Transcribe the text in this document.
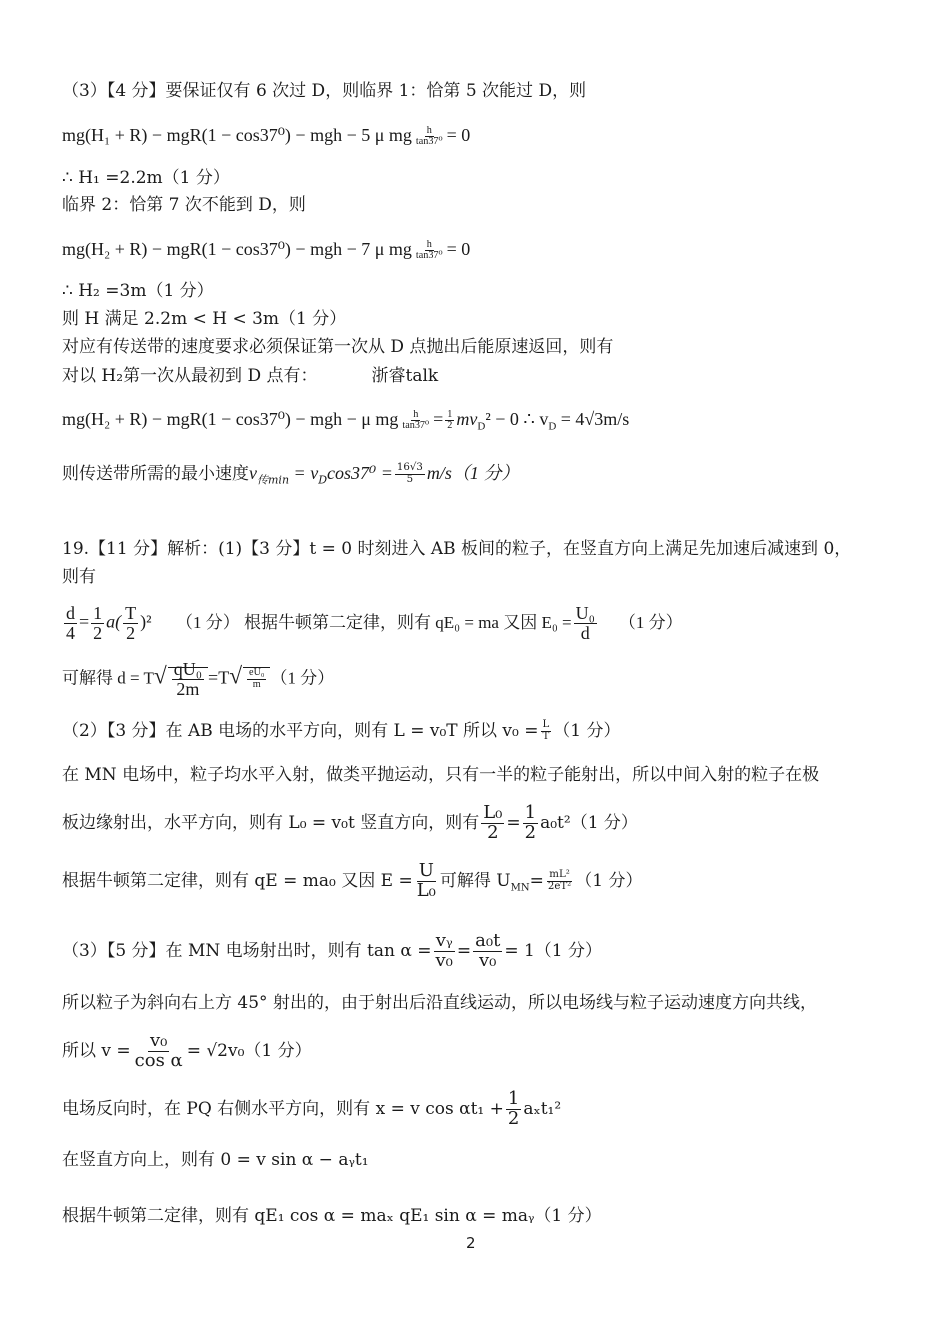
（3）【4 分】要保证仅有 6 次过 D，则临界 1：恰第 5 次能过 D，则
mg(H₁ + R) − mgR(1 − cos37⁰) − mgh − 5 μ mg $\frac{h}{\text{tan37⁰}} = 0$
∴ H₁ =2.2m（1 分）
临界 2：恰第 7 次不能到 D，则
mg(H₂ + R) − mgR(1 − cos37⁰) − mgh − 7 μ mg $\frac{h}{\text{tan37⁰}} = 0$
∴ H₂ =3m（1 分）
则 H 满足 2.2m < H < 3m（1 分）
对应有传送带的速度要求必须保证第一次从 D 点抛出后能原速返回，则有
对以 H₂第一次从最初到 D 点有：	浙睿talk
mg(H₂ + R) − mgR(1 − cos37⁰) − mgh − μ mg $\frac{h}{\text{tan37⁰}} = \frac{1}{2} mv_D^2 - 0$ ∴ $v_D = 4√3m/s$
则传送带所需的最小速度$v_{传min} = v_D\cos 37^0 = \frac{16√3}{5} m/s(1$ 分）
19.【11 分】解析：(1)【3 分】t = 0 时刻进入 AB 板间的粒子，在竖直方向上满足先加速后减速到 0，
则有
$\frac{d}{4} = \frac{1}{2} a( \frac{T}{2} )^2$ （1 分） 根据牛顿第二定律，则有 qE₀ = ma 又因 $E_0 = \frac{\text{U₀}}{d} (1$ 分）
可解得 $d = T√ \frac{\text{qU₀}}{2m} =T√ \frac{\text{eU₀}}{m} (1$ 分）
（2）【3 分】在 AB 电场的水平方向，则有 L = v₀T 所以 $v_0 = \frac{L}{T} (1$ 分）
在 MN 电场中，粒子均水平入射，做类平抛运动，只有一半的粒子能射出，所以中间入射的粒子在极
板边缘射出，水平方向，则有 L₀ = v₀t 竖直方向，则有 $\frac{\text{L₀}}{2} = \frac{1}{2} a_0t^2(1$ 分）
根据牛顿第二定律，则有 qE = ma₀ 又因 $E = \frac{U}{\text{L₀}}$ 可解得 $U_{MN}= \frac{\text{mL²}}{\text{2eT²}} (1$ 分）
（3）【5 分】在 MN 电场射出时，则有 $\tan \alpha = \frac{\text{vᵧ}}{\text{v₀}} = \frac{\text{a₀t}}{\text{v₀}} = 1(1$ 分）
所以粒子为斜向右上方 45° 射出的，由于射出后沿直线运动，所以电场线与粒子运动速度方向共线，
所以 $v = \frac{\text{v₀}}{\text{cos α}} = √2v_0(1$ 分）
电场反向时，在 PQ 右侧水平方向，则有 x = v $\cos \alpha t_1 + \frac{1}{2} a_xt_1^2$
在竖直方向上，则有 0 = v sin α − aᵧt₁
根据牛顿第二定律，则有 qE₁ cos α = maₓ qE₁ sin α = maᵧ（1 分）
2
